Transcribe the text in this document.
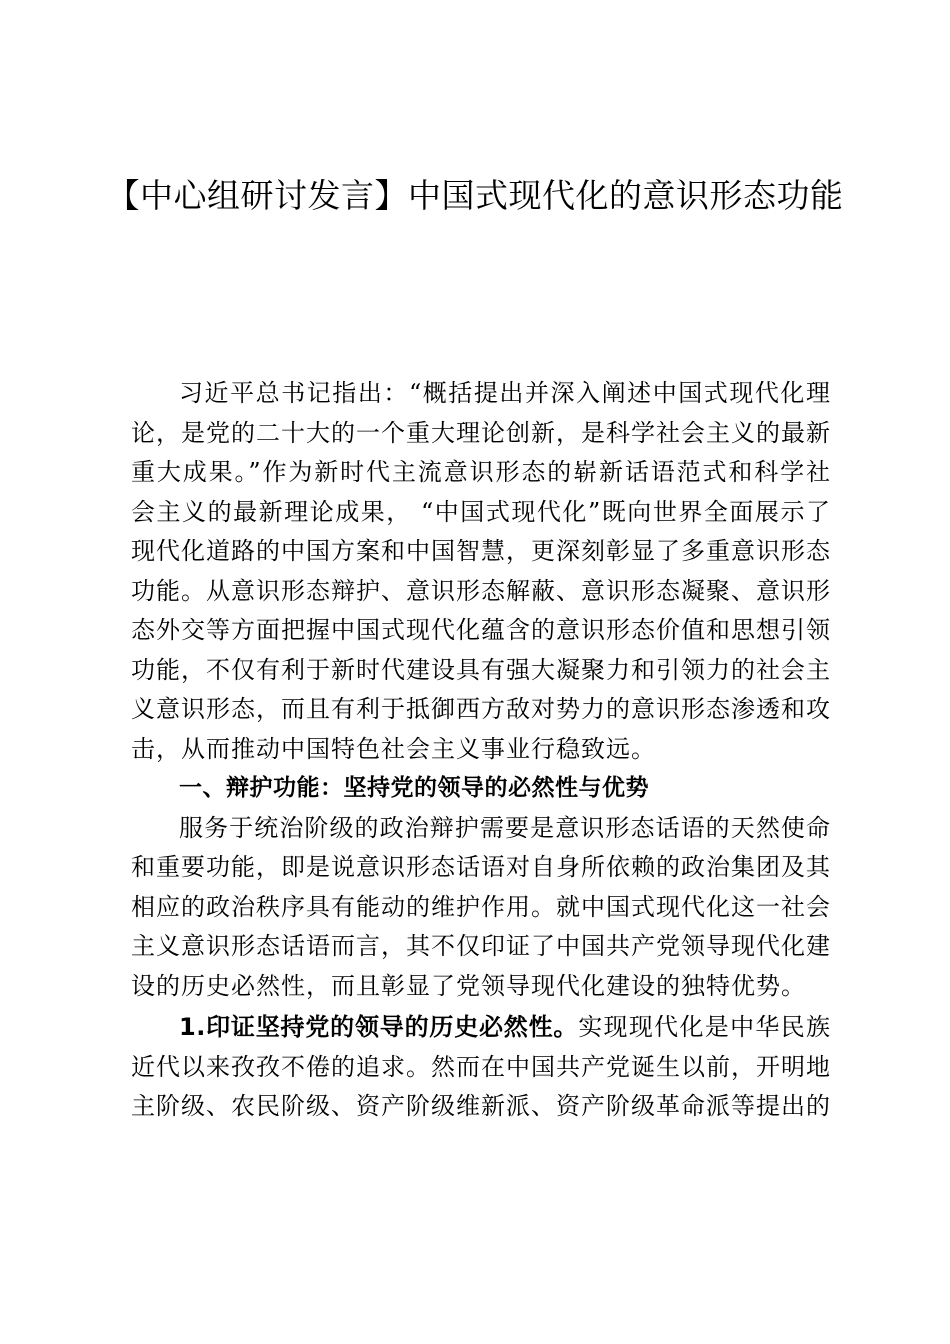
【中心组研讨发言】中国式现代化的意识形态功能

习近平总书记指出：“概括提出并深入阐述中国式现代化理论，是党的二十大的一个重大理论创新，是科学社会主义的最新重大成果。”作为新时代主流意识形态的崭新话语范式和科学社会主义的最新理论成果， “中国式现代化”既向世界全面展示了现代化道路的中国方案和中国智慧，更深刻彰显了多重意识形态功能。从意识形态辩护、意识形态解蔽、意识形态凝聚、意识形态外交等方面把握中国式现代化蕴含的意识形态价值和思想引领功能，不仅有利于新时代建设具有强大凝聚力和引领力的社会主义意识形态，而且有利于抵御西方敌对势力的意识形态渗透和攻击，从而推动中国特色社会主义事业行稳致远。

一、辩护功能：坚持党的领导的必然性与优势

服务于统治阶级的政治辩护需要是意识形态话语的天然使命和重要功能，即是说意识形态话语对自身所依赖的政治集团及其相应的政治秩序具有能动的维护作用。就中国式现代化这一社会主义意识形态话语而言，其不仅印证了中国共产党领导现代化建设的历史必然性，而且彰显了党领导现代化建设的独特优势。

1.印证坚持党的领导的历史必然性。实现现代化是中华民族近代以来孜孜不倦的追求。然而在中国共产党诞生以前，开明地主阶级、农民阶级、资产阶级维新派、资产阶级革命派等提出的
